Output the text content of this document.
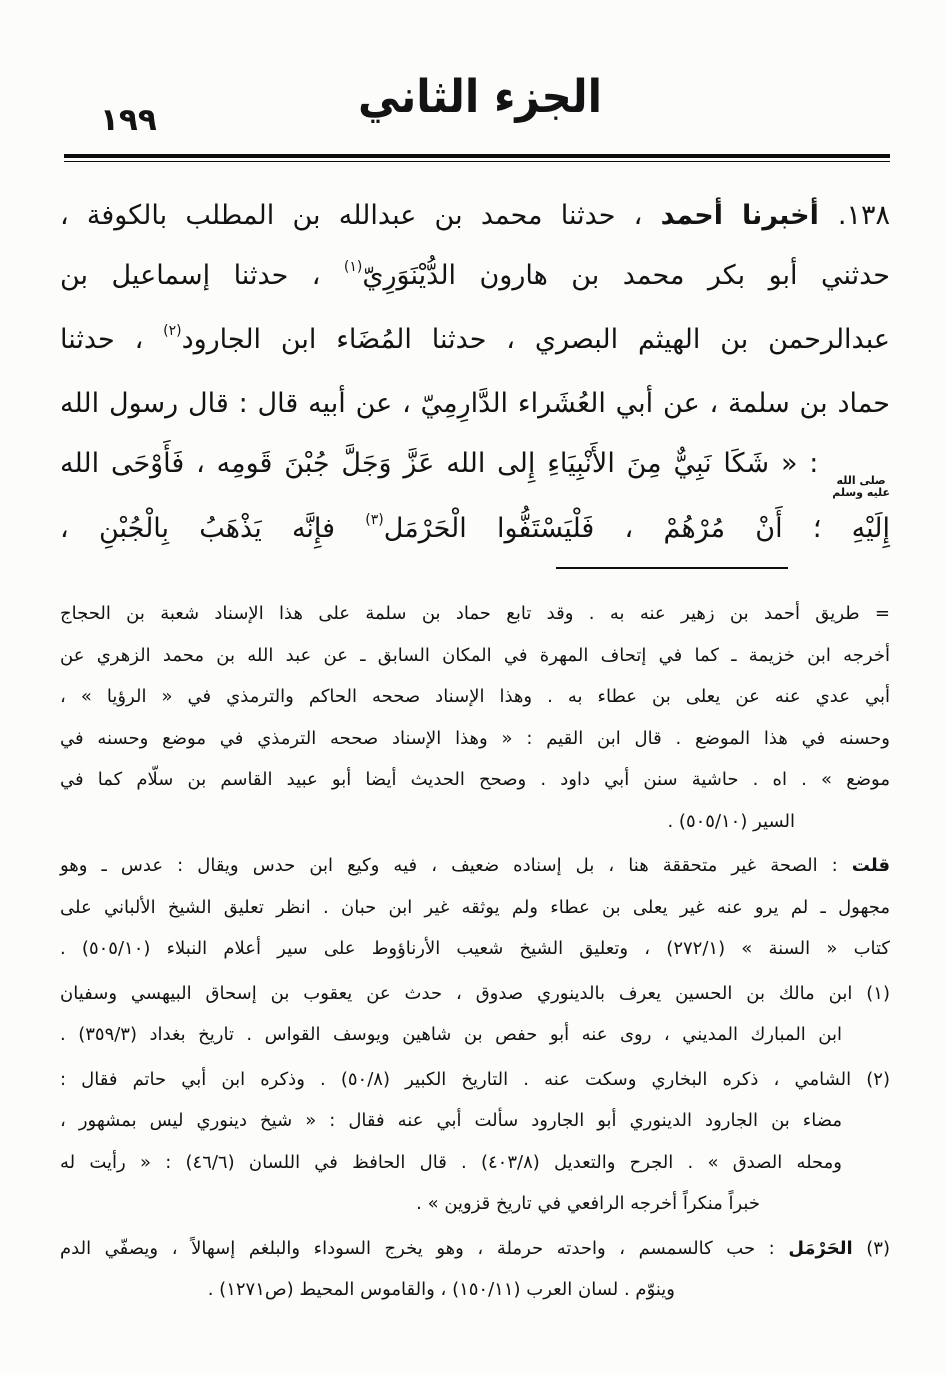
١٩٩	الجزء الثاني
١٣٨. أخبرنا أحمد ، حدثنا محمد بن عبدالله بن المطلب بالكوفة ،
حدثني أبو بكر محمد بن هارون الدُّيْنَوَرِيّ$^{(١)}$ ، حدثنا إسماعيل بن
عبدالرحمن بن الهيثم البصري ، حدثنا المُضَاء ابن الجارود$^{(٢)}$ ، حدثنا
حماد بن سلمة ، عن أبي العُشَراء الدَّارِمِيّ ، عن أبيه قال : قال رسول الله
صلى الله
عليه وسلم
: « شَكَا نَبِيٌّ مِنَ الأَنْبِيَاءِ إِلى الله عَزَّ وَجَلَّ جُبْنَ قَومِه ، فَأَوْحَى الله
إِلَيْهِ ؛ أَنْ مُرْهُمْ ، فَلْيَسْتَفُّوا الْحَرْمَل$^{(٣)}$ فإِنَّه يَذْهَبُ بِالْجُبْنِ ،
= طريق أحمد بن زهير عنه به . وقد تابع حماد بن سلمة على هذا الإسناد شعبة بن الحجاج
أخرجه ابن خزيمة ـ كما في إتحاف المهرة في المكان السابق ـ عن عبد الله بن محمد الزهري عن
أبي عدي عنه عن يعلى بن عطاء به . وهذا الإسناد صححه الحاكم والترمذي في « الرؤيا » ،
وحسنه في هذا الموضع . قال ابن القيم : « وهذا الإسناد صححه الترمذي في موضع وحسنه في
موضع » . اه . حاشية سنن أبي داود . وصحح الحديث أيضا أبو عبيد القاسم بن سلّام كما في
السير (٥٠٥/١٠) .
قلت : الصحة غير متحققة هنا ، بل إسناده ضعيف ، فيه وكيع ابن حدس ويقال : عدس ـ وهو
مجهول ـ لم يرو عنه غير يعلى بن عطاء ولم يوثقه غير ابن حبان . انظر تعليق الشيخ الألباني على
كتاب « السنة » (٢٧٢/١) ، وتعليق الشيخ شعيب الأرناؤوط على سير أعلام النبلاء (٥٠٥/١٠) .
(١) ابن مالك بن الحسين يعرف بالدينوري صدوق ، حدث عن يعقوب بن إسحاق البيهسي وسفيان
ابن المبارك المديني ، روى عنه أبو حفص بن شاهين ويوسف القواس . تاريخ بغداد (٣٥٩/٣) .
(٢) الشامي ، ذكره البخاري وسكت عنه . التاريخ الكبير (٥٠/٨) . وذكره ابن أبي حاتم فقال :
مضاء بن الجارود الدينوري أبو الجارود سألت أبي عنه فقال : « شيخ دينوري ليس بمشهور ،
ومحله الصدق » . الجرح والتعديل (٤٠٣/٨) . قال الحافظ في اللسان (٤٦/٦) : « رأيت له
خبراً منكراً أخرجه الرافعي في تاريخ قزوين » .
(٣) الحَرْمَل : حب كالسمسم ، واحدته حرملة ، وهو يخرج السوداء والبلغم إسهالاً ، ويصفّي الدم
وينوّم . لسان العرب (١٥٠/١١) ، والقاموس المحيط (ص١٢٧١) .
